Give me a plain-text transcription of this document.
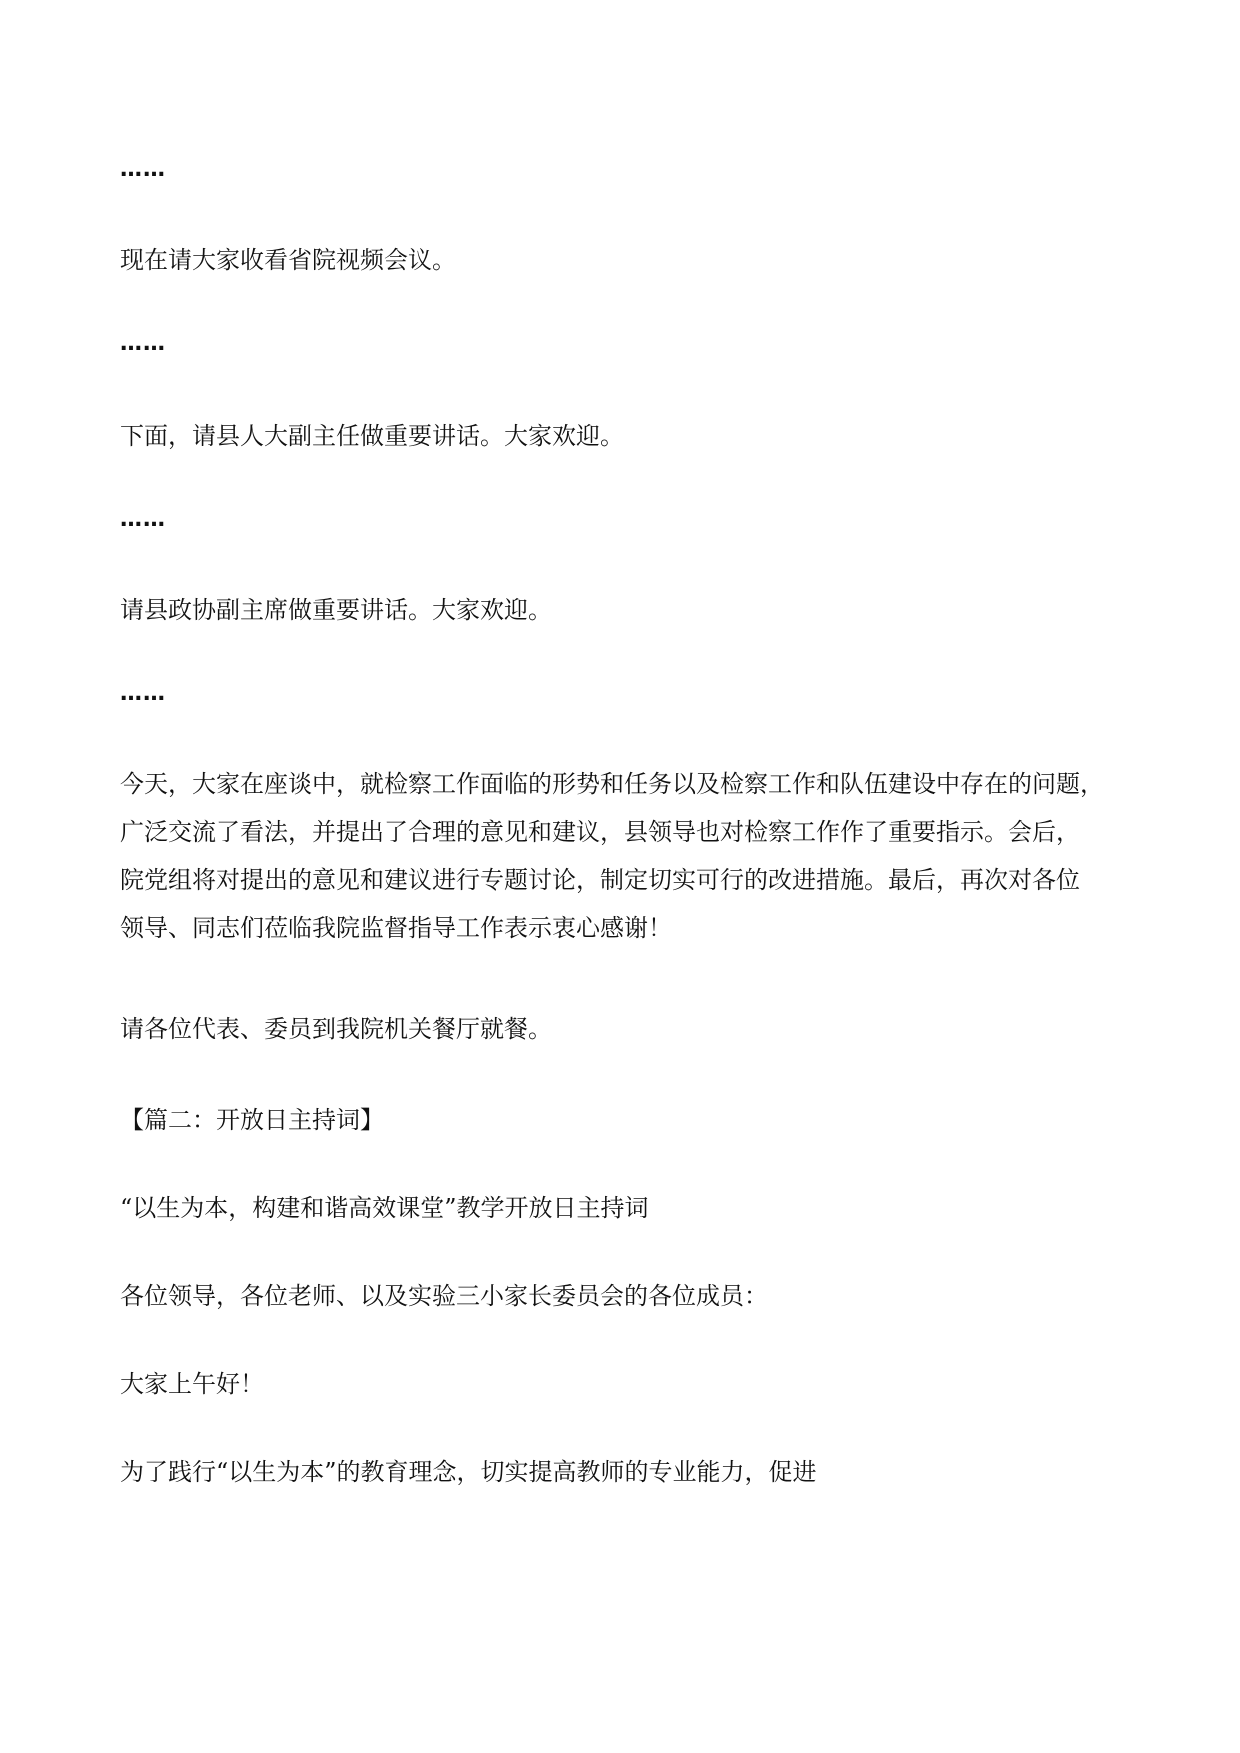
……

现在请大家收看省院视频会议。

……

下面，请县人大副主任做重要讲话。大家欢迎。

……

请县政协副主席做重要讲话。大家欢迎。

……

今天，大家在座谈中，就检察工作面临的形势和任务以及检察工作和队伍建设中存在的问题，
广泛交流了看法，并提出了合理的意见和建议，县领导也对检察工作作了重要指示。会后，
院党组将对提出的意见和建议进行专题讨论，制定切实可行的改进措施。最后，再次对各位
领导、同志们莅临我院监督指导工作表示衷心感谢！

请各位代表、委员到我院机关餐厅就餐。

【篇二：开放日主持词】

“以生为本，构建和谐高效课堂”教学开放日主持词

各位领导，各位老师、以及实验三小家长委员会的各位成员：

大家上午好！

为了践行“以生为本”的教育理念，切实提高教师的专业能力，促进
